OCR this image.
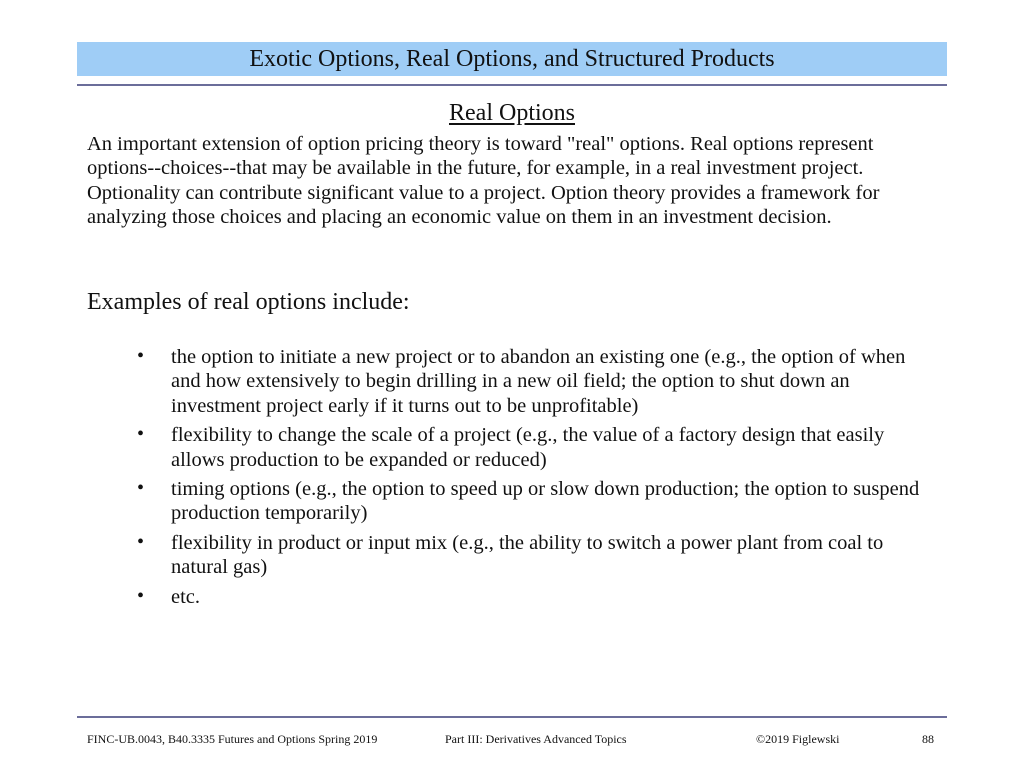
Exotic Options, Real Options, and Structured Products
Real Options

An important extension of option pricing theory is toward "real" options. Real options represent options--choices--that may be available in the future, for example, in a real investment project. Optionality can contribute significant value to a project. Option theory provides a framework for analyzing those choices and placing an economic value on them in an investment decision.

Examples of real options include:

• the option to initiate a new project or to abandon an existing one (e.g., the option of when and how extensively to begin drilling in a new oil field; the option to shut down an investment project early if it turns out to be unprofitable)
• flexibility to change the scale of a project (e.g., the value of a factory design that easily allows production to be expanded or reduced)
• timing options (e.g., the option to speed up or slow down production; the option to suspend production temporarily)
• flexibility in product or input mix (e.g., the ability to switch a power plant from coal to natural gas)
• etc.
FINC-UB.0043, B40.3335 Futures and Options Spring 2019	Part III: Derivatives Advanced Topics	©2019 Figlewski	88
